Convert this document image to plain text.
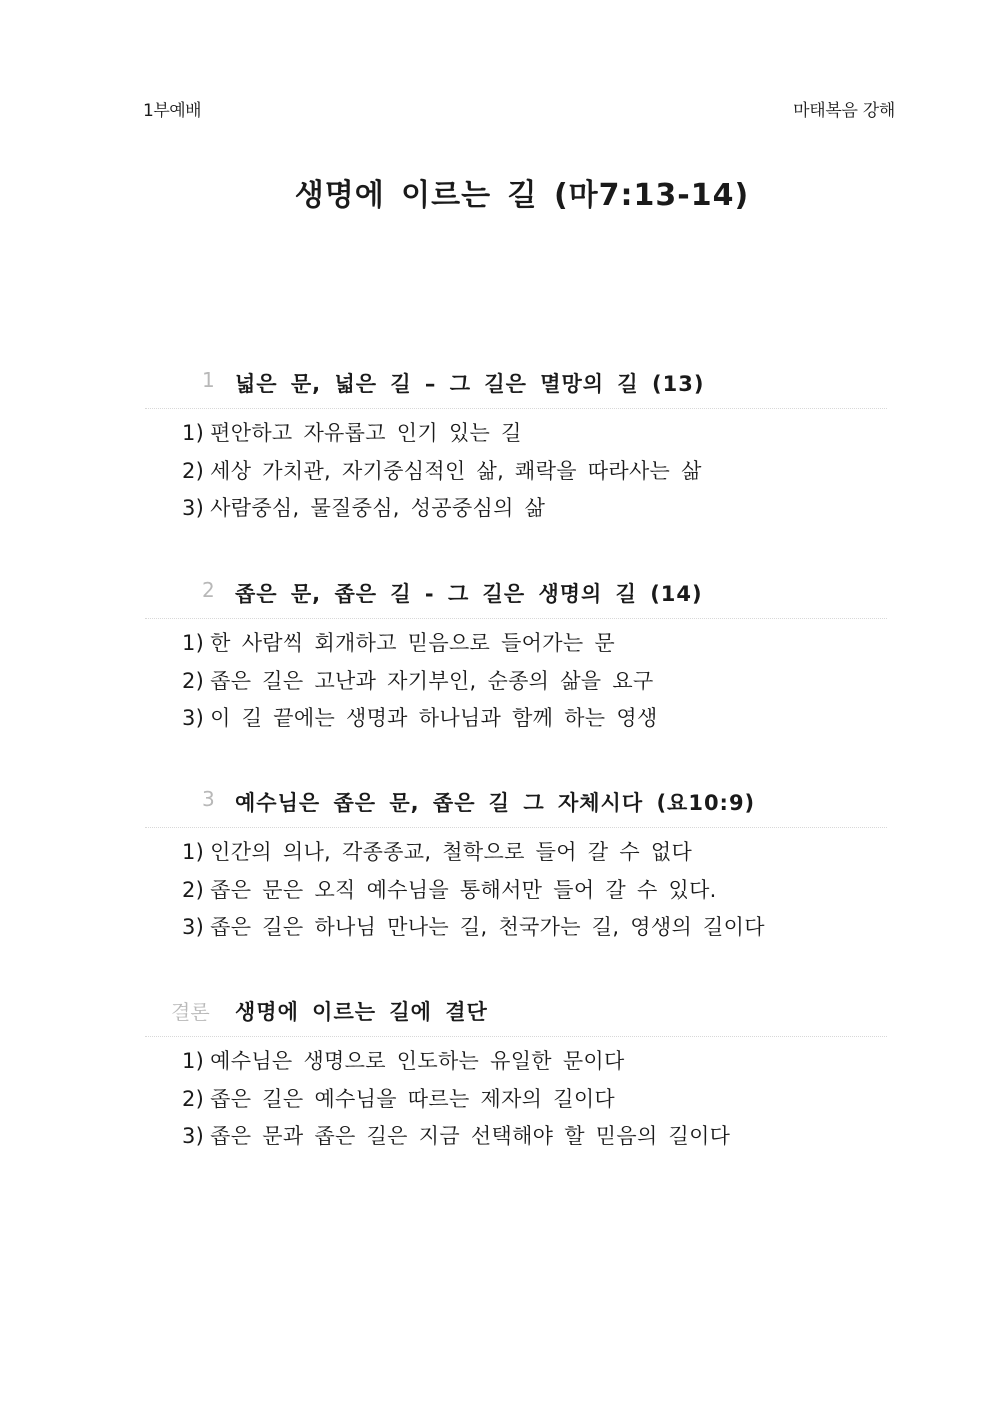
1부예배	마태복음 강해
생명에 이르는 길 (마7:13-14)
1 넓은 문, 넓은 길 – 그 길은 멸망의 길 (13)
1) 편안하고 자유롭고 인기 있는 길
2) 세상 가치관, 자기중심적인 삶, 쾌락을 따라사는 삶
3) 사람중심, 물질중심, 성공중심의 삶
2 좁은 문, 좁은 길 - 그 길은 생명의 길 (14)
1) 한 사람씩 회개하고 믿음으로 들어가는 문
2) 좁은 길은 고난과 자기부인, 순종의 삶을 요구
3) 이 길 끝에는 생명과 하나님과 함께 하는 영생
3 예수님은 좁은 문, 좁은 길 그 자체시다 (요10:9)
1) 인간의 의나, 각종종교, 철학으로 들어 갈 수 없다
2) 좁은 문은 오직 예수님을 통해서만 들어 갈 수 있다.
3) 좁은 길은 하나님 만나는 길, 천국가는 길, 영생의 길이다
결론 생명에 이르는 길에 결단
1) 예수님은 생명으로 인도하는 유일한 문이다
2) 좁은 길은 예수님을 따르는 제자의 길이다
3) 좁은 문과 좁은 길은 지금 선택해야 할 믿음의 길이다
